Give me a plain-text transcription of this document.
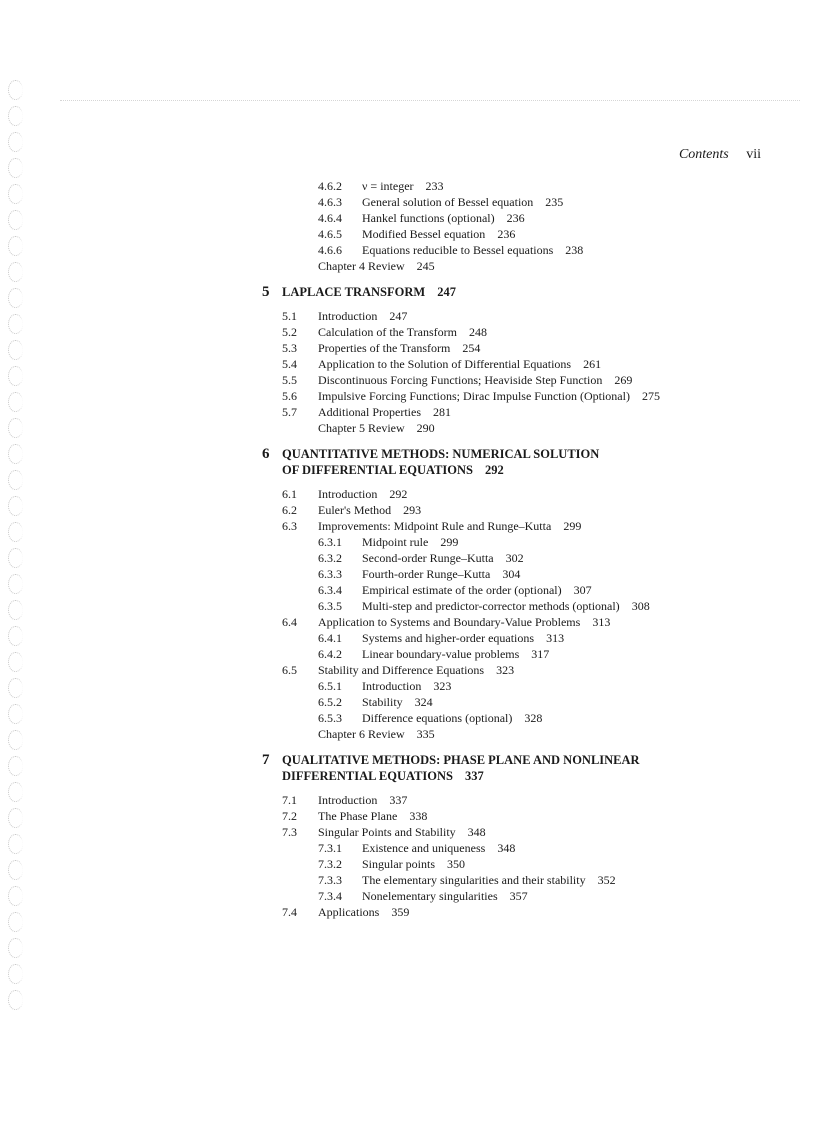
Contents vii
4.6.2 ν = integer 233
4.6.3 General solution of Bessel equation 235
4.6.4 Hankel functions (optional) 236
4.6.5 Modified Bessel equation 236
4.6.6 Equations reducible to Bessel equations 238
Chapter 4 Review 245
5 LAPLACE TRANSFORM 247
5.1 Introduction 247
5.2 Calculation of the Transform 248
5.3 Properties of the Transform 254
5.4 Application to the Solution of Differential Equations 261
5.5 Discontinuous Forcing Functions; Heaviside Step Function 269
5.6 Impulsive Forcing Functions; Dirac Impulse Function (Optional) 275
5.7 Additional Properties 281
Chapter 5 Review 290
6 QUANTITATIVE METHODS: NUMERICAL SOLUTION
OF DIFFERENTIAL EQUATIONS 292
6.1 Introduction 292
6.2 Euler's Method 293
6.3 Improvements: Midpoint Rule and Runge–Kutta 299
6.3.1 Midpoint rule 299
6.3.2 Second-order Runge–Kutta 302
6.3.3 Fourth-order Runge–Kutta 304
6.3.4 Empirical estimate of the order (optional) 307
6.3.5 Multi-step and predictor-corrector methods (optional) 308
6.4 Application to Systems and Boundary-Value Problems 313
6.4.1 Systems and higher-order equations 313
6.4.2 Linear boundary-value problems 317
6.5 Stability and Difference Equations 323
6.5.1 Introduction 323
6.5.2 Stability 324
6.5.3 Difference equations (optional) 328
Chapter 6 Review 335
7 QUALITATIVE METHODS: PHASE PLANE AND NONLINEAR
DIFFERENTIAL EQUATIONS 337
7.1 Introduction 337
7.2 The Phase Plane 338
7.3 Singular Points and Stability 348
7.3.1 Existence and uniqueness 348
7.3.2 Singular points 350
7.3.3 The elementary singularities and their stability 352
7.3.4 Nonelementary singularities 357
7.4 Applications 359
